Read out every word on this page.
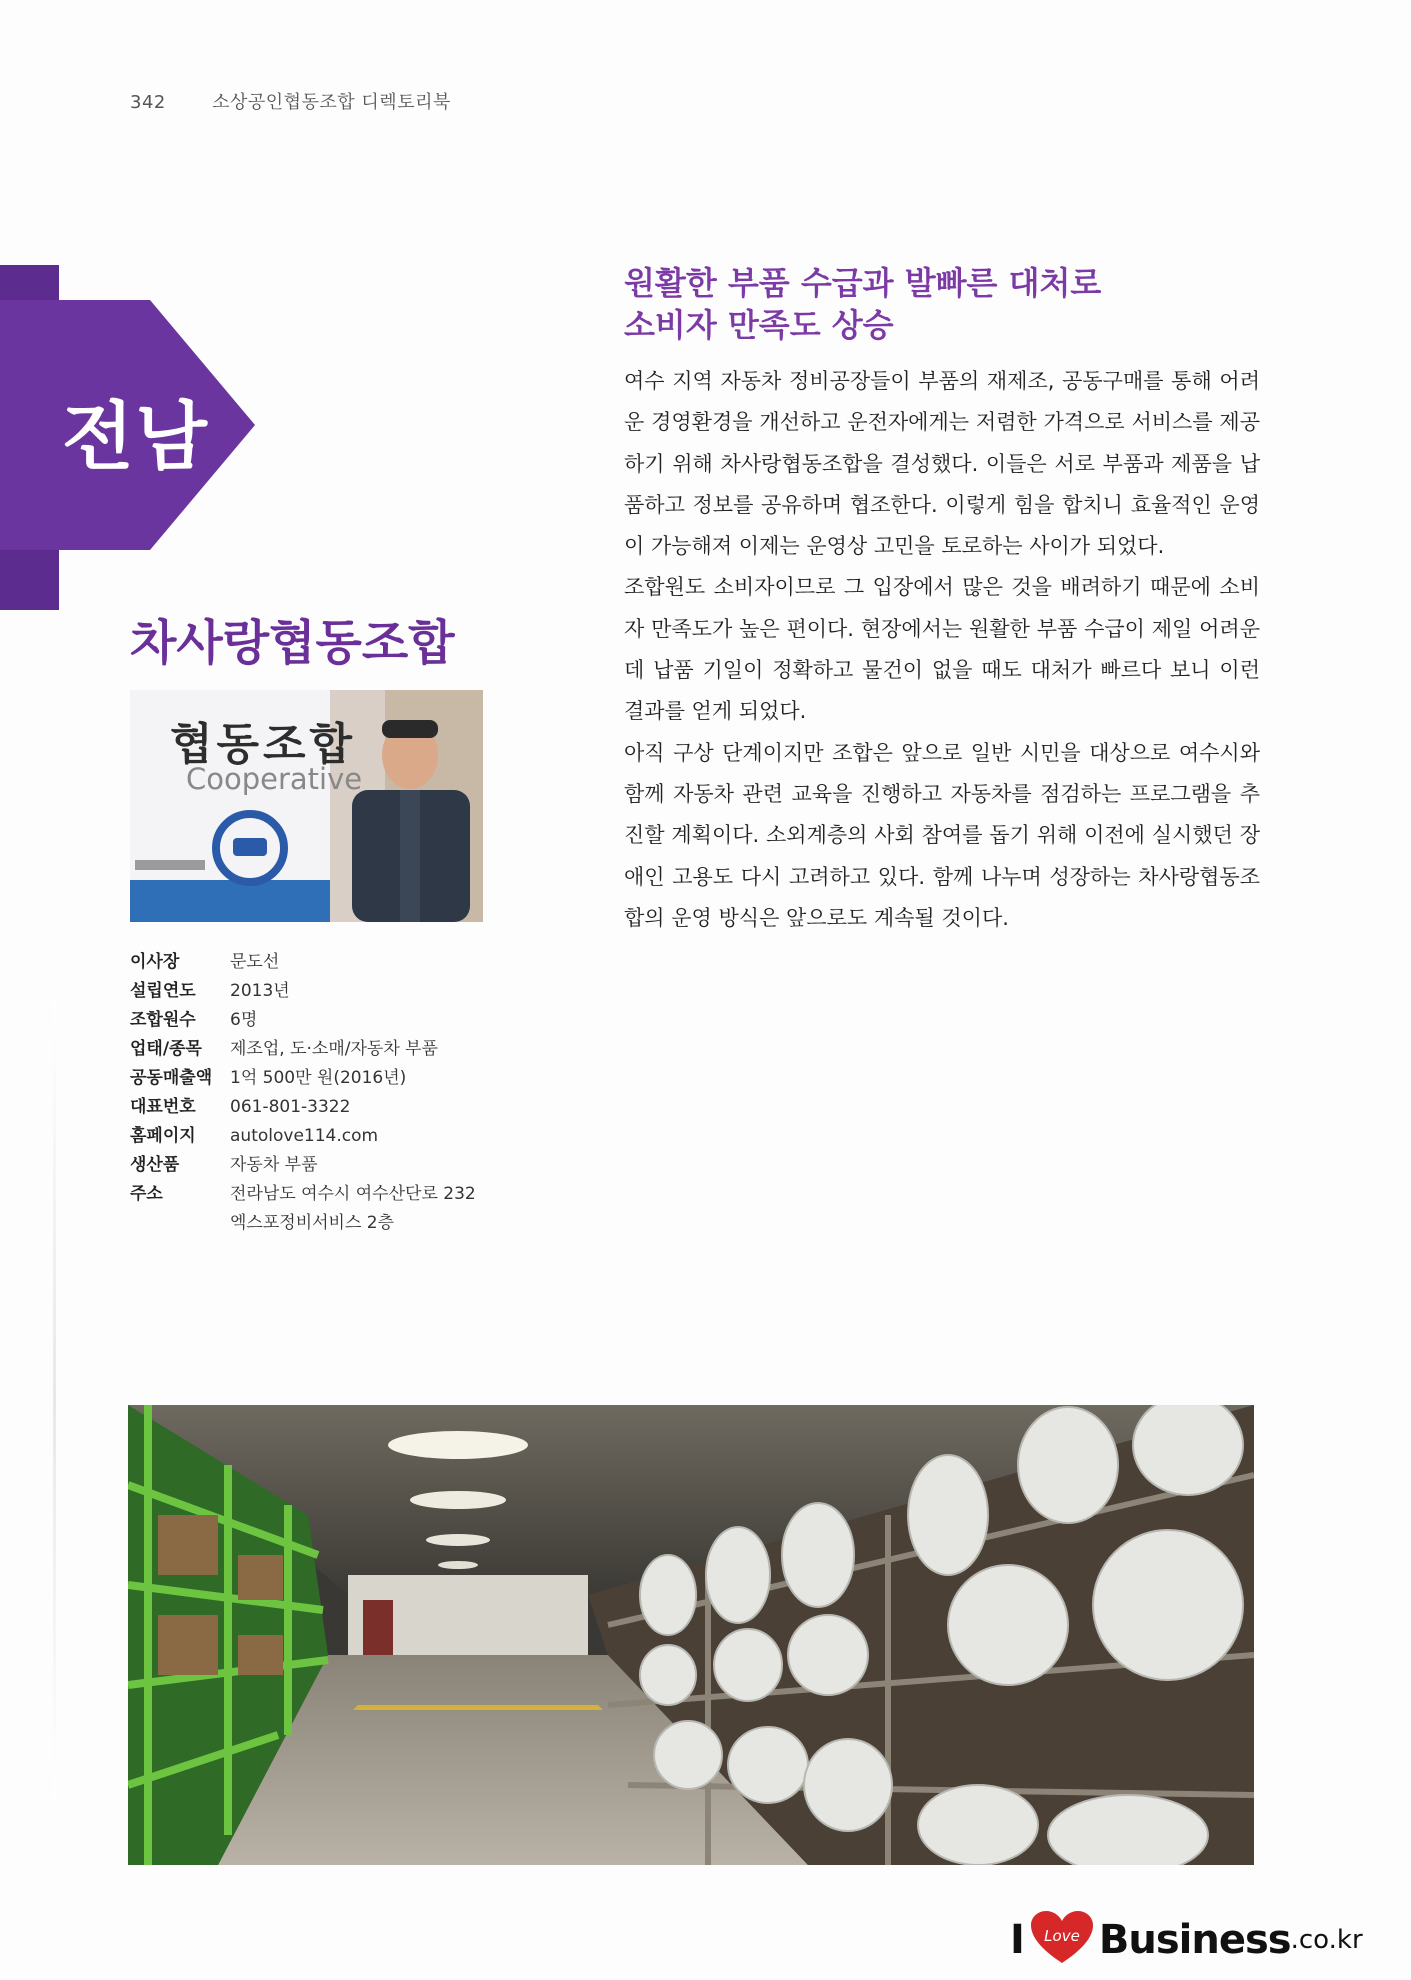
342	소상공인협동조합 디렉토리북
전남
차사랑협동조합
협동조합
Cooperative
이사장	문도선
설립연도	2013년
조합원수	6명
업태/종목	제조업, 도·소매/자동차 부품
공동매출액	1억 500만 원(2016년)
대표번호	061-801-3322
홈페이지	autolove114.com
생산품	자동차 부품
주소	전라남도 여수시 여수산단로 232
엑스포정비서비스 2층
원활한 부품 수급과 발빠른 대처로
소비자 만족도 상승

여수 지역 자동차 정비공장들이 부품의 재제조, 공동구매를 통해 어려운 경영환경을 개선하고 운전자에게는 저렴한 가격으로 서비스를 제공하기 위해 차사랑협동조합을 결성했다. 이들은 서로 부품과 제품을 납품하고 정보를 공유하며 협조한다. 이렇게 힘을 합치니 효율적인 운영이 가능해져 이제는 운영상 고민을 토로하는 사이가 되었다.

조합원도 소비자이므로 그 입장에서 많은 것을 배려하기 때문에 소비자 만족도가 높은 편이다. 현장에서는 원활한 부품 수급이 제일 어려운데 납품 기일이 정확하고 물건이 없을 때도 대처가 빠르다 보니 이런 결과를 얻게 되었다.

아직 구상 단계이지만 조합은 앞으로 일반 시민을 대상으로 여수시와 함께 자동차 관련 교육을 진행하고 자동차를 점검하는 프로그램을 추진할 계획이다. 소외계층의 사회 참여를 돕기 위해 이전에 실시했던 장애인 고용도 다시 고려하고 있다. 함께 나누며 성장하는 차사랑협동조합의 운영 방식은 앞으로도 계속될 것이다.

I Love Business .co.kr
